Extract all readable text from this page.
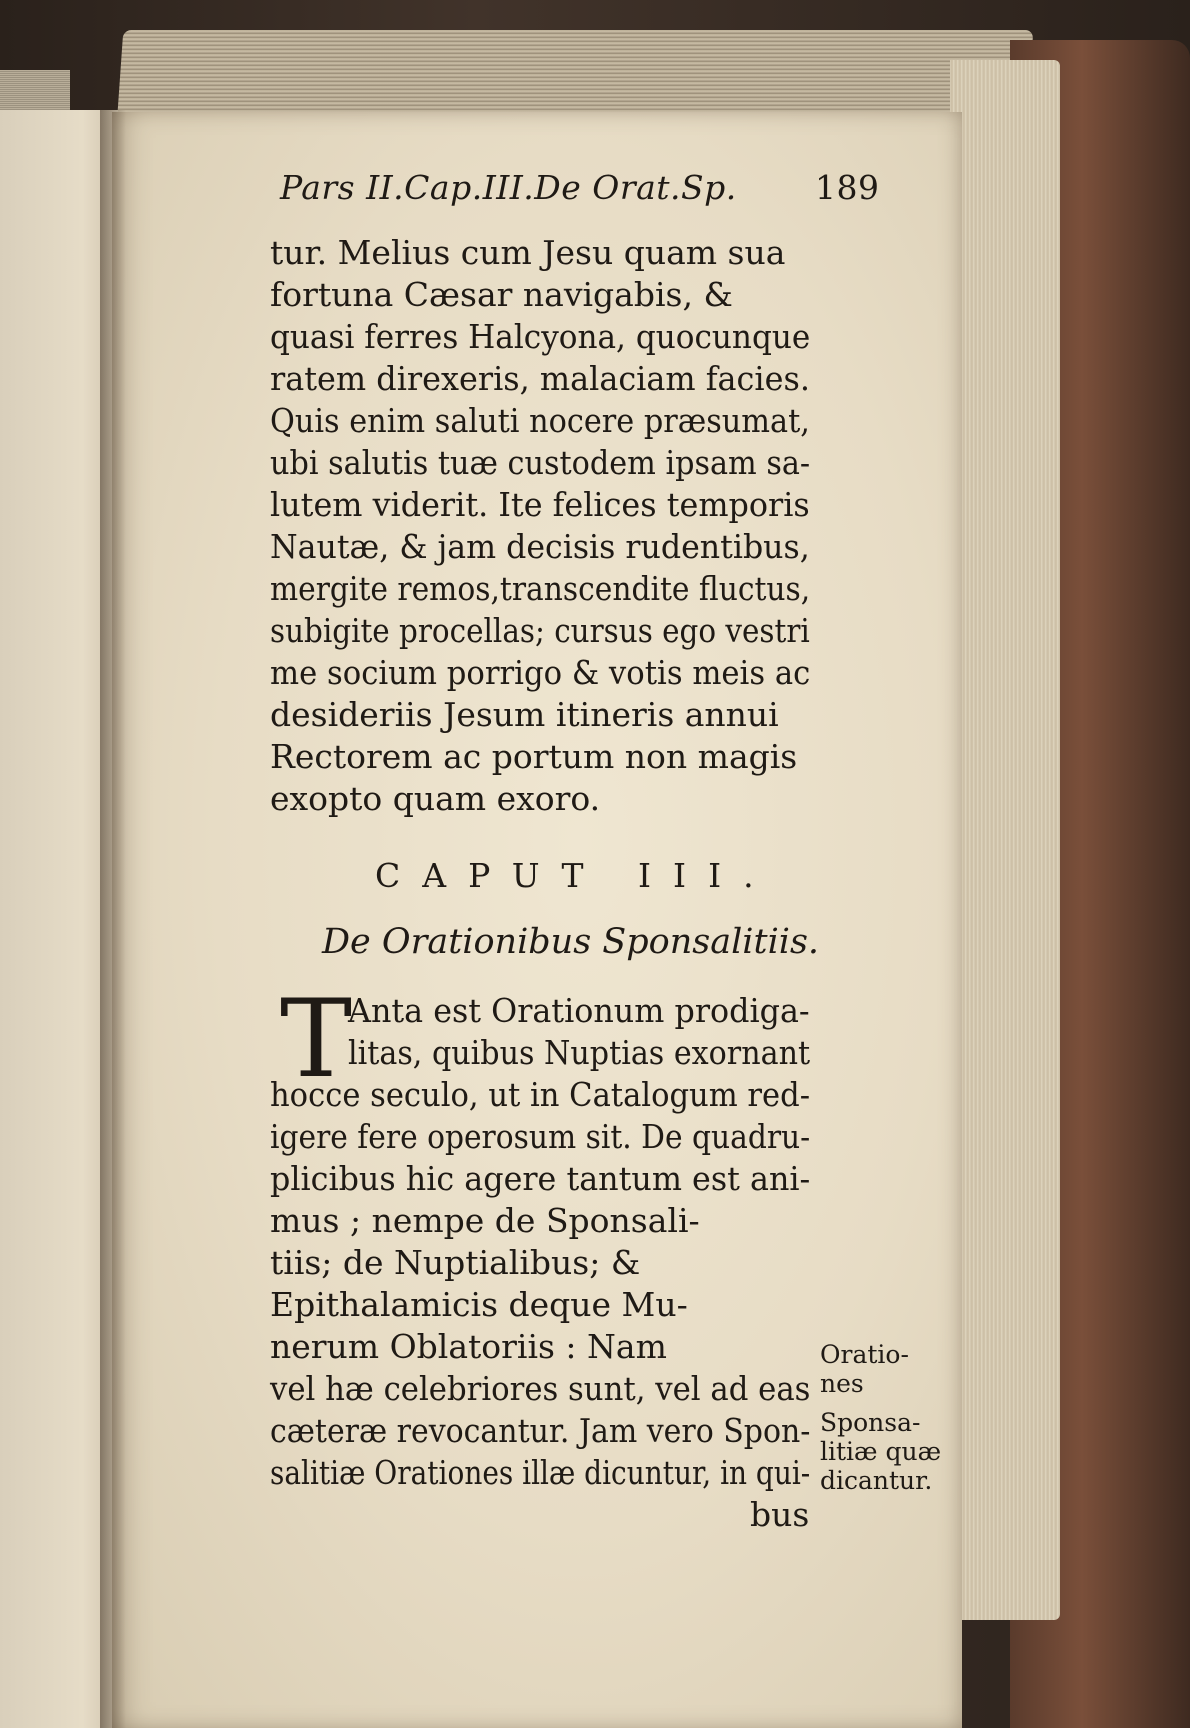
Pars II.Cap.III.De Orat.Sp. 189
tur. Melius cum Jesu quam sua
fortuna Cæsar navigabis, &
quasi ferres Halcyona, quocunque
ratem direxeris, malaciam facies.
Quis enim saluti nocere præsumat,
ubi salutis tuæ custodem ipsam sa-
lutem viderit. Ite felices temporis
Nautæ, & jam decisis rudentibus,
mergite remos,transcendite fluctus,
subigite procellas; cursus ego vestri
me socium porrigo & votis meis ac
desideriis Jesum itineris annui
Rectorem ac portum non magis
exopto quam exoro.
CAPUT III.
De Orationibus Sponsalitiis.
T
Anta est Orationum prodiga-
litas, quibus Nuptias exornant
hocce seculo, ut in Catalogum red-
igere fere operosum sit. De quadru-
plicibus hic agere tantum est ani-
mus ; nempe de Sponsali-
tiis; de Nuptialibus; &
Epithalamicis deque Mu-
nerum Oblatoriis : Nam
vel hæ celebriores sunt, vel ad eas
cæteræ revocantur. Jam vero Spon-
salitiæ Orationes illæ dicuntur, in qui-
bus
Oratio-
nes
Sponsa-
litiæ quæ
dicantur.
